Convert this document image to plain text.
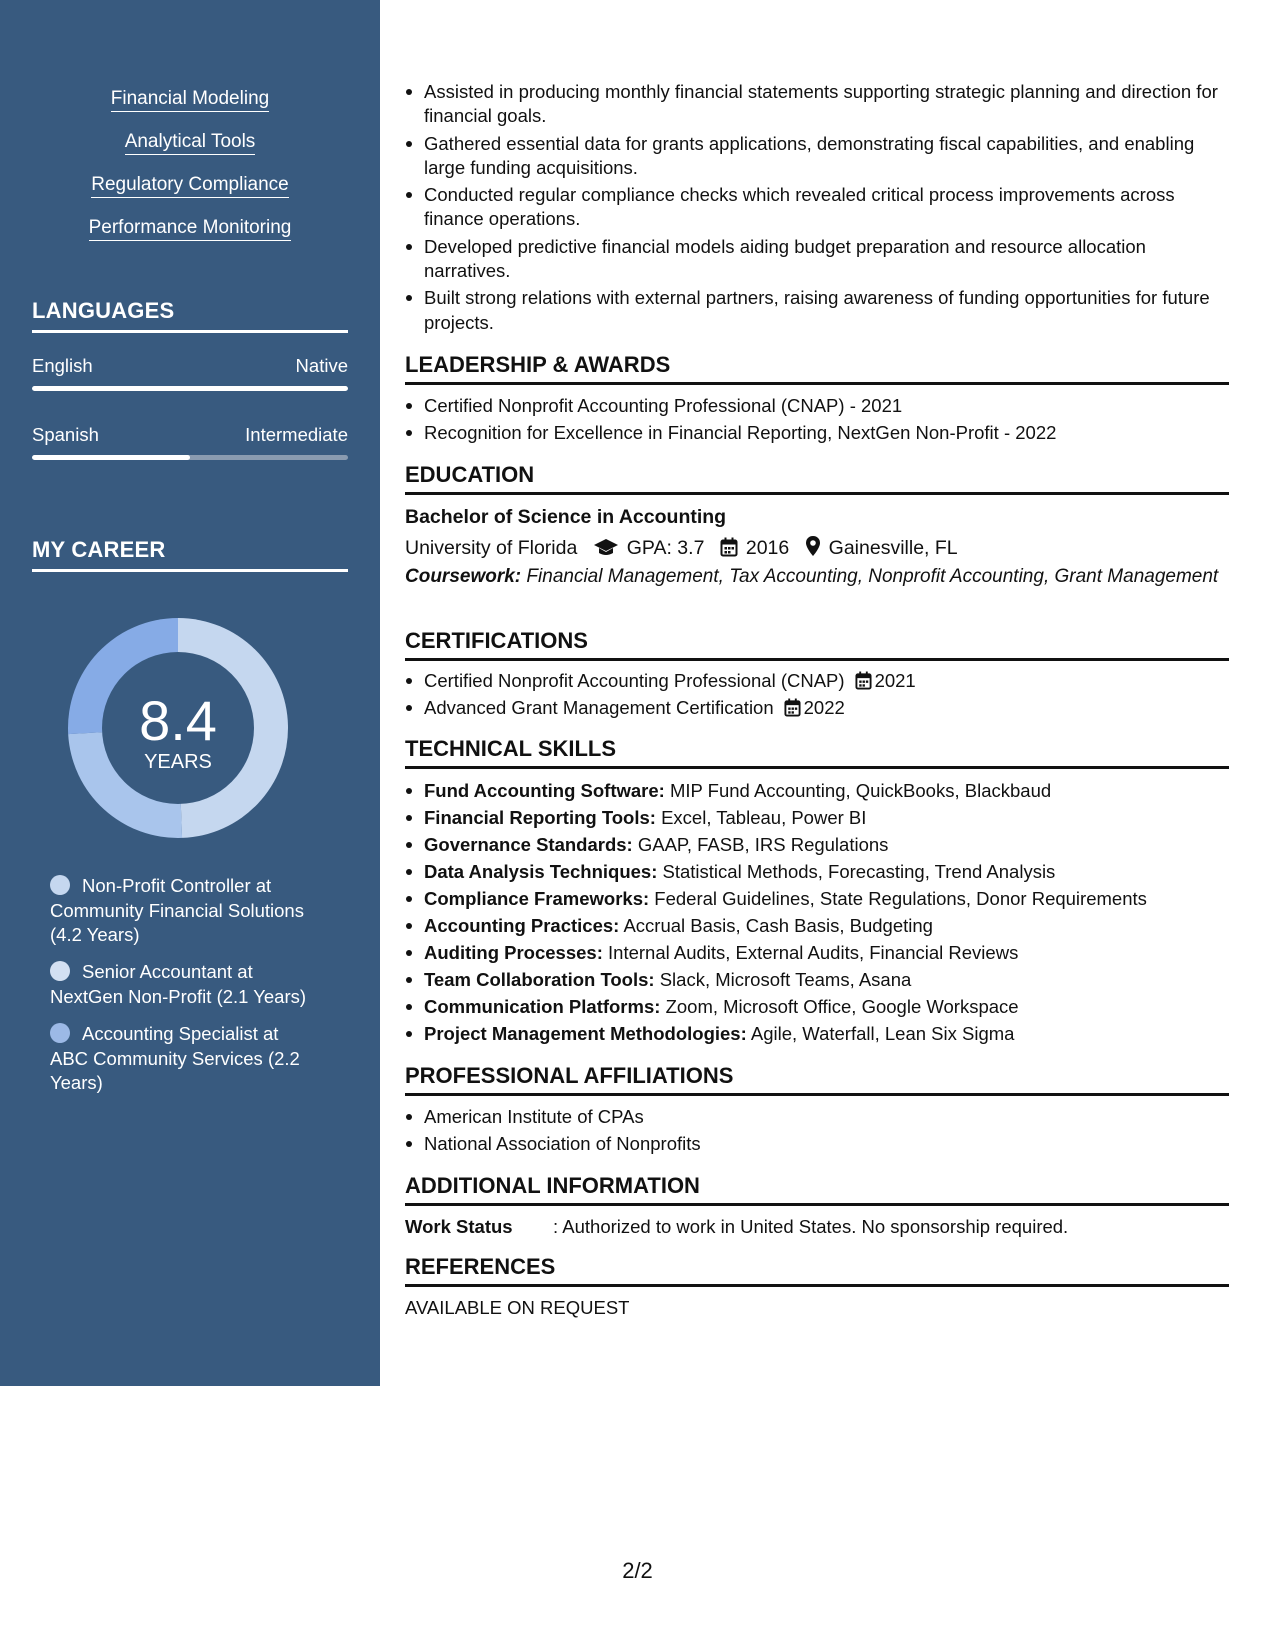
Financial Modeling
Analytical Tools
Regulatory Compliance
Performance Monitoring
LANGUAGES
English	Native
Spanish	Intermediate
MY CAREER
8.4
YEARS
Non-Profit Controller at Community Financial Solutions (4.2 Years)
Senior Accountant at NextGen Non-Profit (2.1 Years)
Accounting Specialist at ABC Community Services (2.2 Years)
Assisted in producing monthly financial statements supporting strategic planning and direction for financial goals.
Gathered essential data for grants applications, demonstrating fiscal capabilities, and enabling large funding acquisitions.
Conducted regular compliance checks which revealed critical process improvements across finance operations.
Developed predictive financial models aiding budget preparation and resource allocation narratives.
Built strong relations with external partners, raising awareness of funding opportunities for future projects.
LEADERSHIP & AWARDS
Certified Nonprofit Accounting Professional (CNAP) - 2021
Recognition for Excellence in Financial Reporting, NextGen Non-Profit - 2022
EDUCATION
Bachelor of Science in Accounting
University of Florida	GPA: 3.7 2016 Gainesville, FL
Coursework: Financial Management, Tax Accounting, Nonprofit Accounting, Grant Management
CERTIFICATIONS
Certified Nonprofit Accounting Professional (CNAP) 2021
Advanced Grant Management Certification 2022
TECHNICAL SKILLS
Fund Accounting Software: MIP Fund Accounting, QuickBooks, Blackbaud
Financial Reporting Tools: Excel, Tableau, Power BI
Governance Standards: GAAP, FASB, IRS Regulations
Data Analysis Techniques: Statistical Methods, Forecasting, Trend Analysis
Compliance Frameworks: Federal Guidelines, State Regulations, Donor Requirements
Accounting Practices: Accrual Basis, Cash Basis, Budgeting
Auditing Processes: Internal Audits, External Audits, Financial Reviews
Team Collaboration Tools: Slack, Microsoft Teams, Asana
Communication Platforms: Zoom, Microsoft Office, Google Workspace
Project Management Methodologies: Agile, Waterfall, Lean Six Sigma
PROFESSIONAL AFFILIATIONS
American Institute of CPAs
National Association of Nonprofits
ADDITIONAL INFORMATION
Work Status : Authorized to work in United States. No sponsorship required.
REFERENCES
AVAILABLE ON REQUEST
2/2
